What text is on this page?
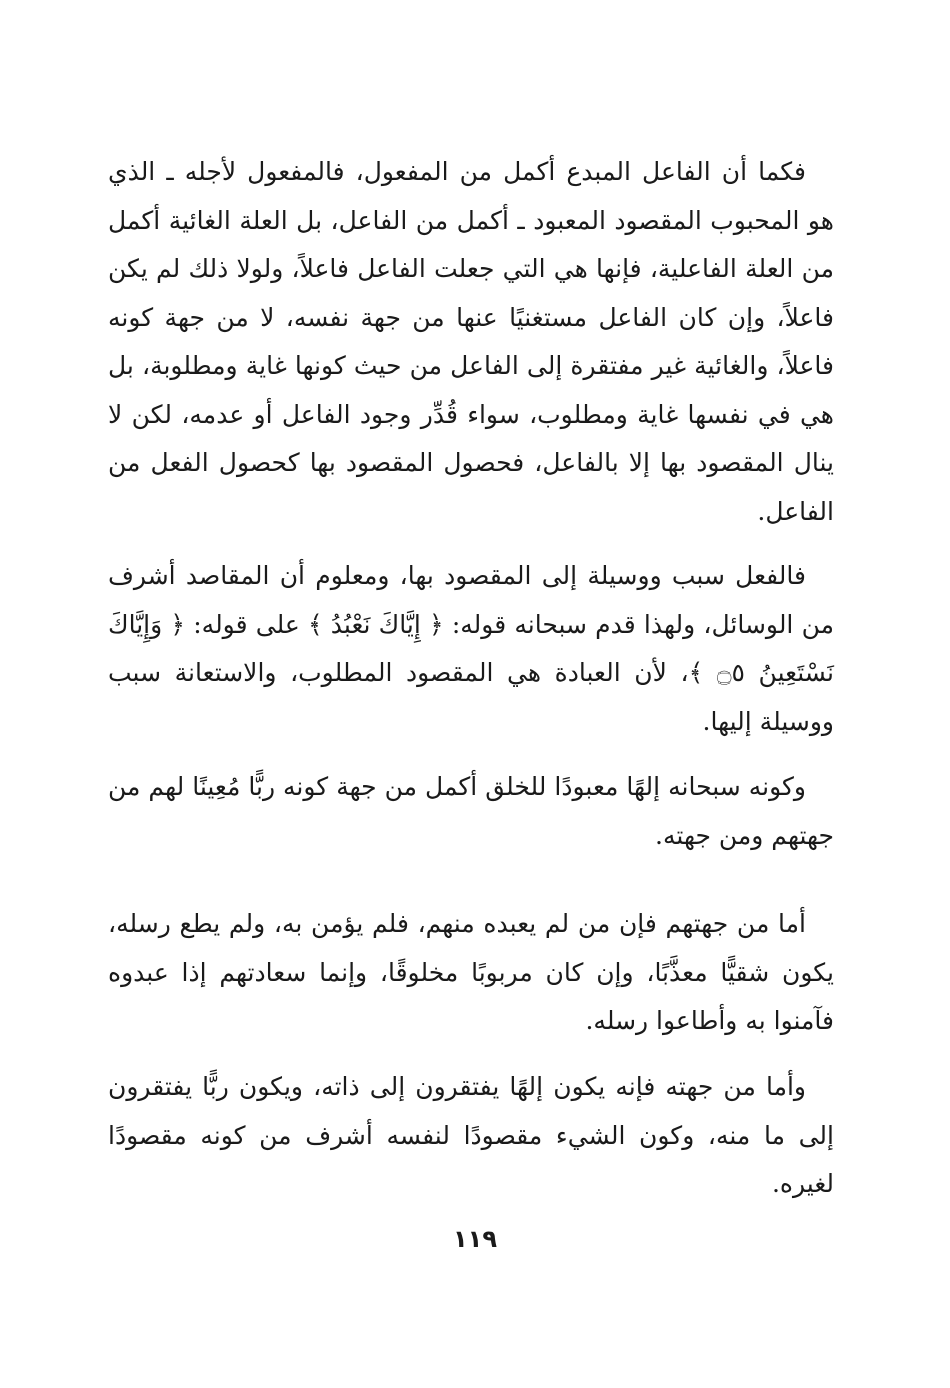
فكما أن الفاعل المبدع أكمل من المفعول، فالمفعول لأجله ـ الذي هو المحبوب المقصود المعبود ـ أكمل من الفاعل، بل العلة الغائية أكمل من العلة الفاعلية، فإنها هي التي جعلت الفاعل فاعلاً، ولولا ذلك لم يكن فاعلاً، وإن كان الفاعل مستغنيًا عنها من جهة نفسه، لا من جهة كونه فاعلاً، والغائية غير مفتقرة إلى الفاعل من حيث كونها غاية ومطلوبة، بل هي في نفسها غاية ومطلوب، سواء قُدِّر وجود الفاعل أو عدمه، لكن لا ينال المقصود بها إلا بالفاعل، فحصول المقصود بها كحصول الفعل من الفاعل.

فالفعل سبب ووسيلة إلى المقصود بها، ومعلوم أن المقاصد أشرف من الوسائل، ولهذا قدم سبحانه قوله: ﴿ إِيَّاكَ نَعْبُدُ ﴾ على قوله: ﴿ وَإِيَّاكَ نَسْتَعِينُ ۝٥ ﴾، لأن العبادة هي المقصود المطلوب، والاستعانة سبب ووسيلة إليها.

وكونه سبحانه إلهًا معبودًا للخلق أكمل من جهة كونه ربًّا مُعِينًا لهم من جهتهم ومن جهته.

أما من جهتهم فإن من لم يعبده منهم، فلم يؤمن به، ولم يطع رسله، يكون شقيًّا معذَّبًا، وإن كان مربوبًا مخلوقًا، وإنما سعادتهم إذا عبدوه فآمنوا به وأطاعوا رسله.

وأما من جهته فإنه يكون إلهًا يفتقرون إلى ذاته، ويكون ربًّا يفتقرون إلى ما منه، وكون الشيء مقصودًا لنفسه أشرف من كونه مقصودًا لغيره.

١١٩
